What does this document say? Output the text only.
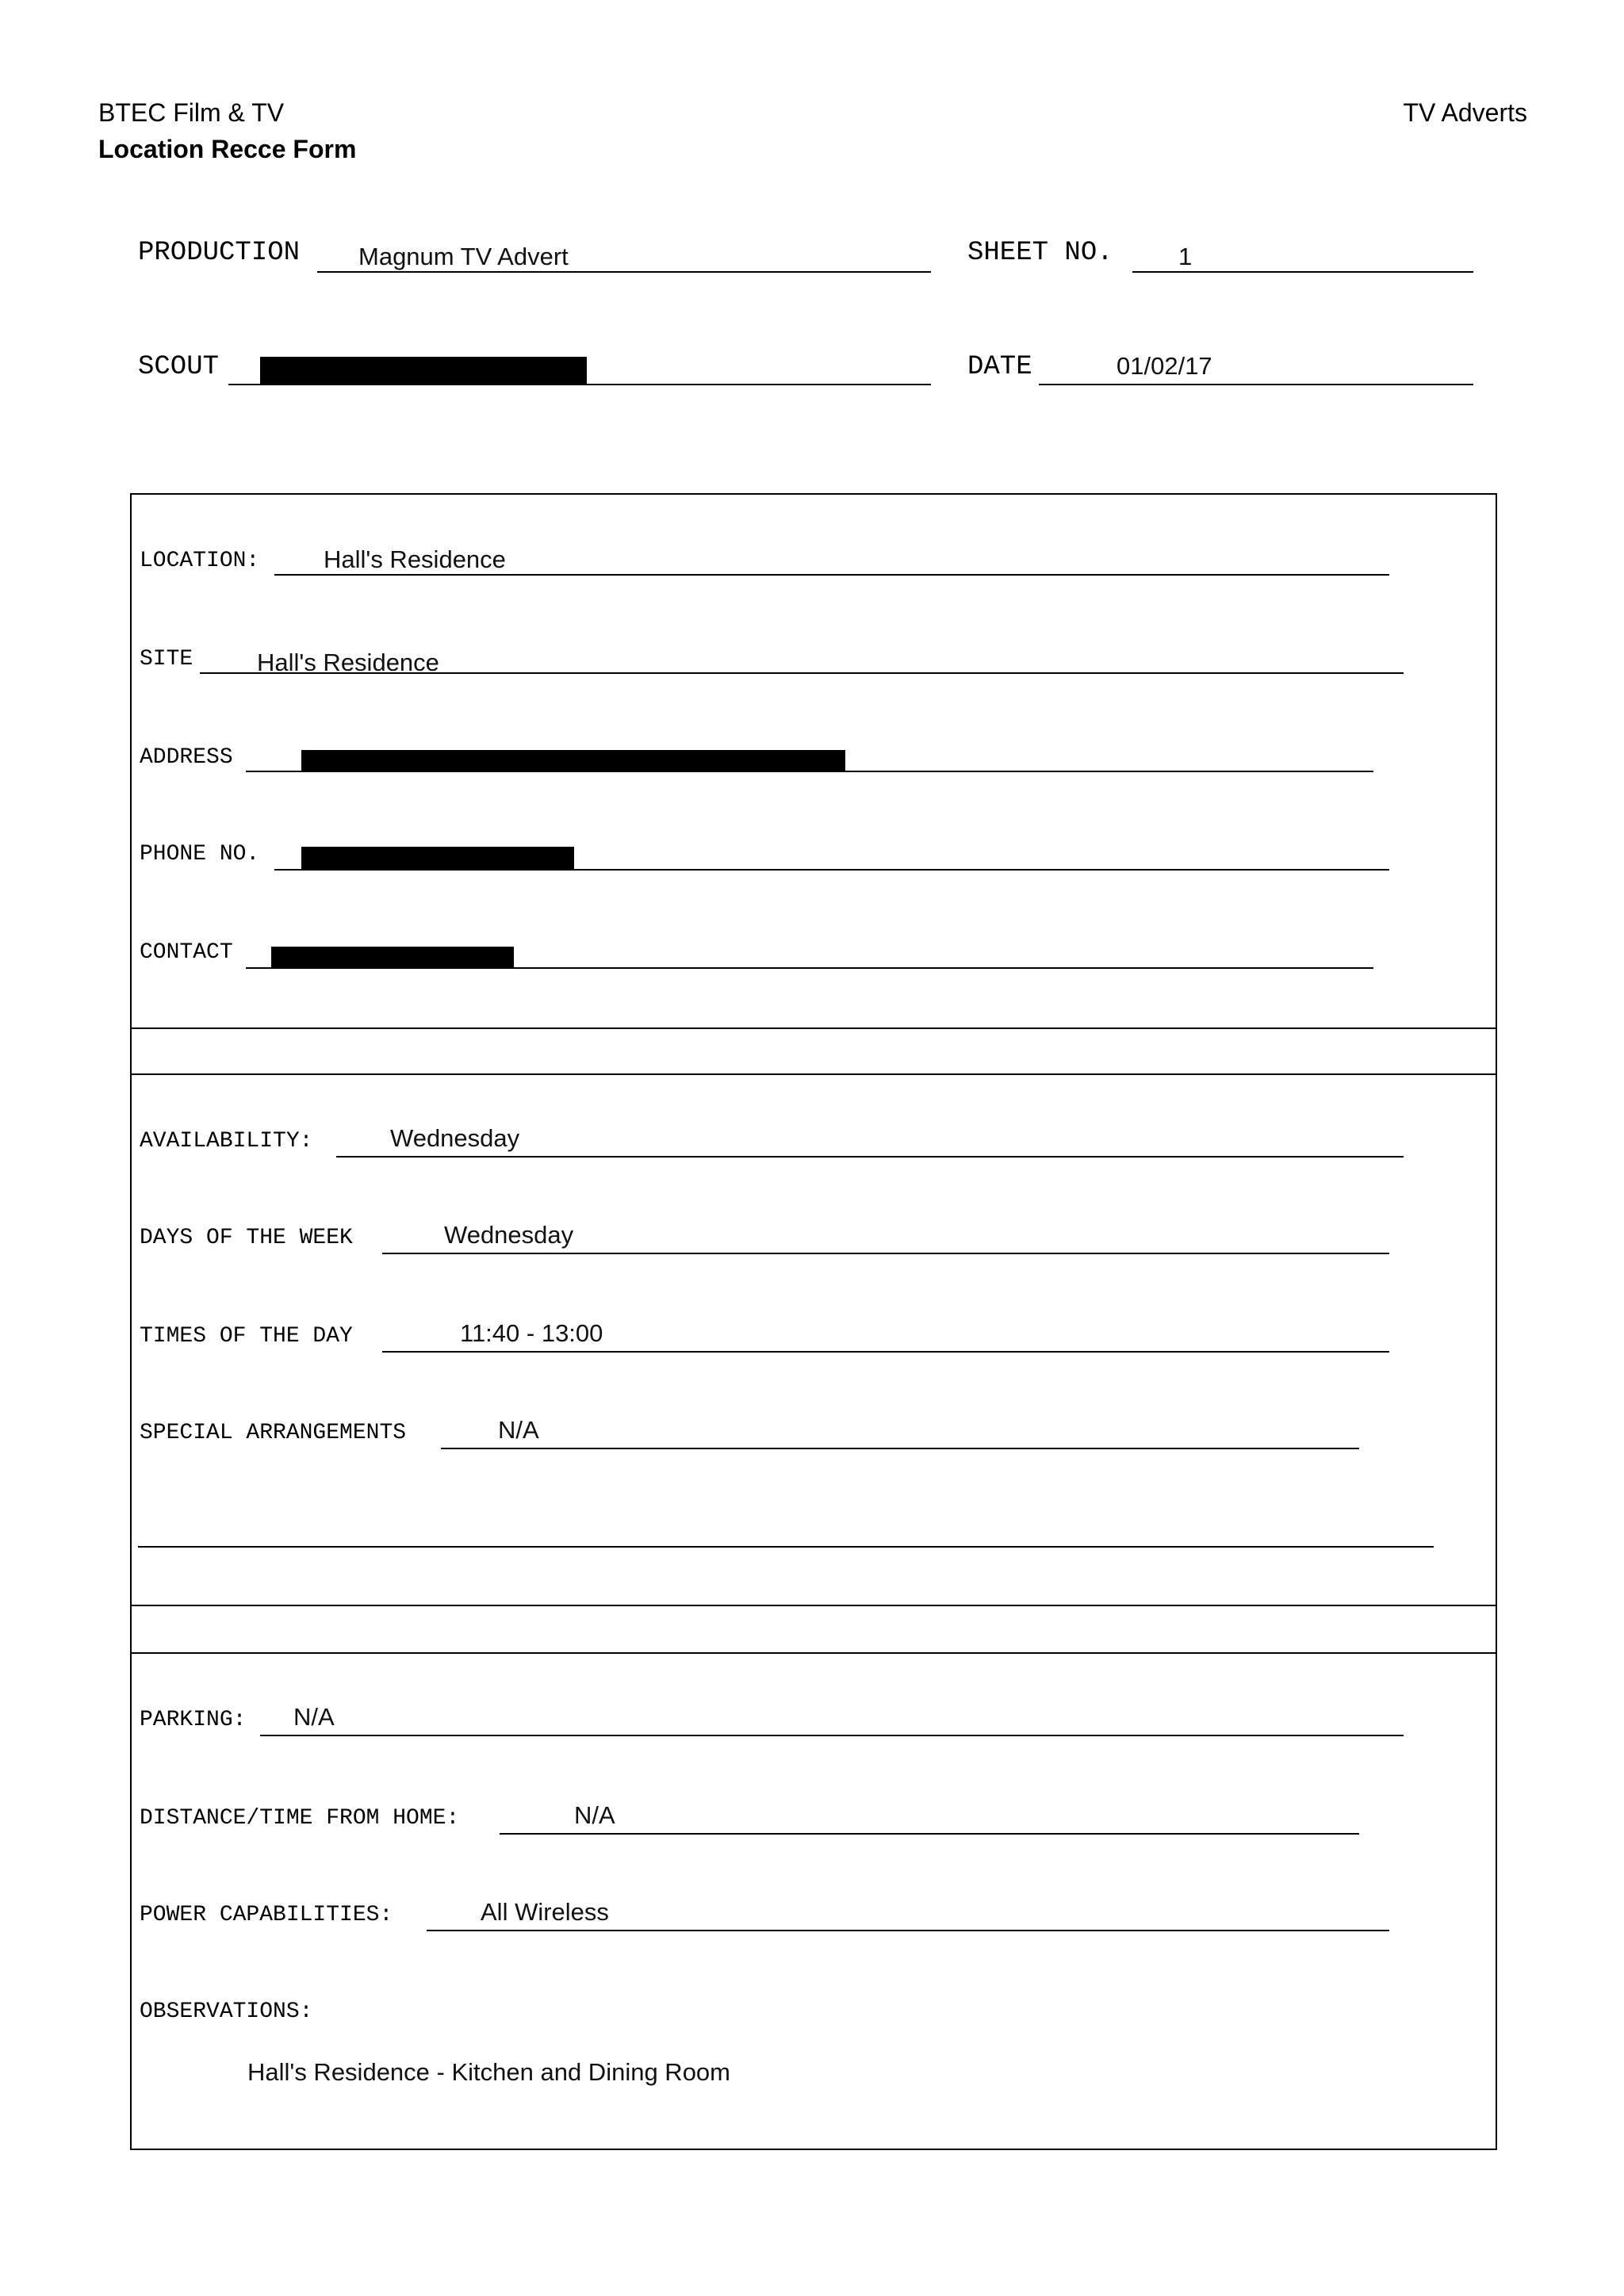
BTEC Film & TV
Location Recce Form
TV Adverts
PRODUCTION Magnum TV Advert	SHEET NO.	1
SCOUT	DATE	01/02/17
LOCATION:	Hall's Residence
SITE	Hall's Residence
ADDRESS
PHONE NO.
CONTACT
AVAILABILITY:	Wednesday
DAYS OF THE WEEK	Wednesday
TIMES OF THE DAY	11:40 - 13:00
SPECIAL ARRANGEMENTS	N/A
PARKING: N/A
DISTANCE/TIME FROM HOME:	N/A
POWER CAPABILITIES:	All Wireless
OBSERVATIONS:
Hall's Residence - Kitchen and Dining Room
